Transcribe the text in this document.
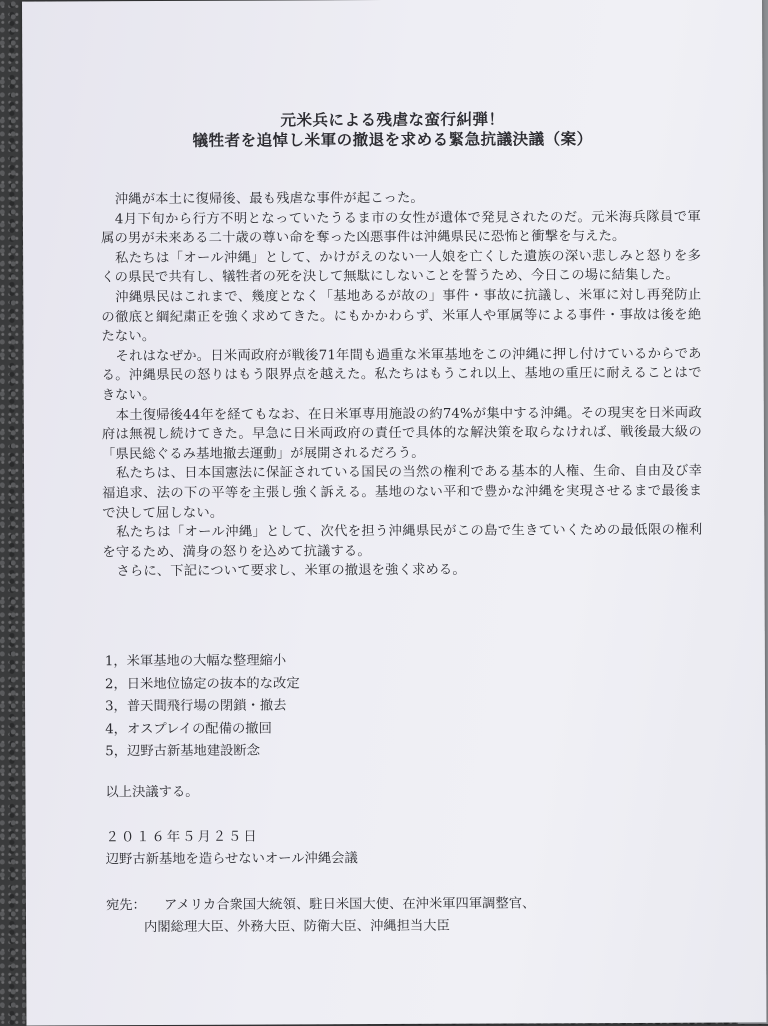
元米兵による残虐な蛮行糾弾！
犠牲者を追悼し米軍の撤退を求める緊急抗議決議（案）

沖縄が本土に復帰後、最も残虐な事件が起こった。

4月下旬から行方不明となっていたうるま市の女性が遺体で発見されたのだ。元米海兵隊員で軍属の男が未来ある二十歳の尊い命を奪った凶悪事件は沖縄県民に恐怖と衝撃を与えた。

私たちは「オール沖縄」として、かけがえのない一人娘を亡くした遺族の深い悲しみと怒りを多くの県民で共有し、犠牲者の死を決して無駄にしないことを誓うため、今日この場に結集した。

沖縄県民はこれまで、幾度となく「基地あるが故の」事件・事故に抗議し、米軍に対し再発防止の徹底と綱紀粛正を強く求めてきた。にもかかわらず、米軍人や軍属等による事件・事故は後を絶たない。

それはなぜか。日米両政府が戦後71年間も過重な米軍基地をこの沖縄に押し付けているからである。沖縄県民の怒りはもう限界点を越えた。私たちはもうこれ以上、基地の重圧に耐えることはできない。

本土復帰後44年を経てもなお、在日米軍専用施設の約74%が集中する沖縄。その現実を日米両政府は無視し続けてきた。早急に日米両政府の責任で具体的な解決策を取らなければ、戦後最大級の「県民総ぐるみ基地撤去運動」が展開されるだろう。

私たちは、日本国憲法に保証されている国民の当然の権利である基本的人権、生命、自由及び幸福追求、法の下の平等を主張し強く訴える。基地のない平和で豊かな沖縄を実現させるまで最後まで決して屈しない。

私たちは「オール沖縄」として、次代を担う沖縄県民がこの島で生きていくための最低限の権利を守るため、満身の怒りを込めて抗議する。

さらに、下記について要求し、米軍の撤退を強く求める。

1，米軍基地の大幅な整理縮小
2，日米地位協定の抜本的な改定
3，普天間飛行場の閉鎖・撤去
4，オスプレイの配備の撤回
5，辺野古新基地建設断念
以上決議する。
２０１６年５月２５日
辺野古新基地を造らせないオール沖縄会議
宛先： アメリカ合衆国大統領、駐日米国大使、在沖米軍四軍調整官、
内閣総理大臣、外務大臣、防衛大臣、沖縄担当大臣
